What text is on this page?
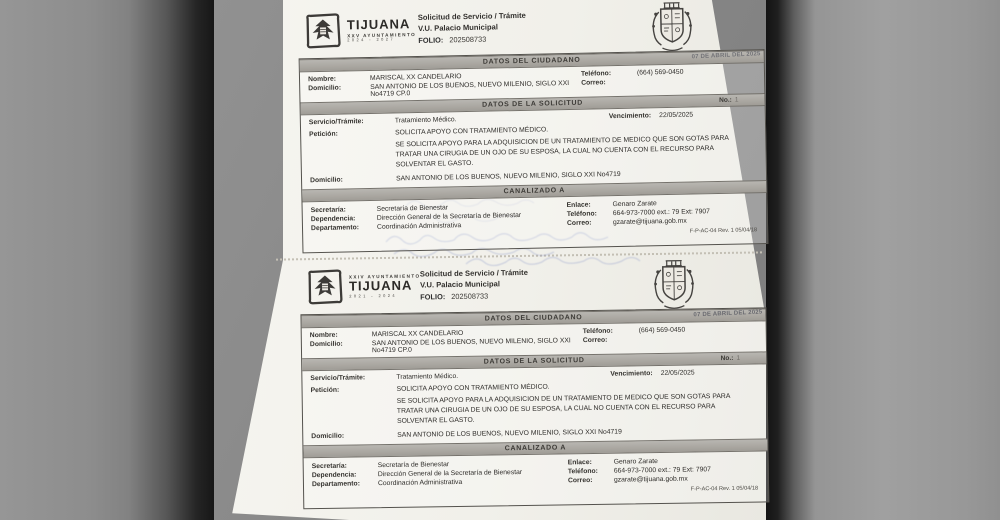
TIJUANA
XXV AYUNTAMIENTO
2024 - 2027
Solicitud de Servicio / Trámite
V.U. Palacio Municipal
FOLIO: 202508733
DATOS DEL CIUDADANO
07 DE ABRIL DEL 2025
Nombre:	MARISCAL XX CANDELARIO	Teléfono:	(664) 569-0450
Domicilio:	SAN ANTONIO DE LOS BUENOS, NUEVO MILENIO, SIGLO XXI No4719 CP.0
Correo:
DATOS DE LA SOLICITUD	No.: 1
Servicio/Trámite:	Tratamiento Médico.	Vencimiento: 22/05/2025
Petición:	SOLICITA APOYO CON TRATAMIENTO MÉDICO.
SE SOLICITA APOYO PARA LA ADQUISICION DE UN TRATAMIENTO DE MEDICO QUE SON GOTAS PARA TRATAR UNA CIRUGIA DE UN OJO DE SU ESPOSA, LA CUAL NO CUENTA CON EL RECURSO PARA SOLVENTAR EL GASTO.
Domicilio:	SAN ANTONIO DE LOS BUENOS, NUEVO MILENIO, SIGLO XXI No4719
CANALIZADO A
Secretaría:	Secretaría de Bienestar
Dependencia:	Dirección General de la Secretaría de Bienestar
Departamento:	Coordinación Administrativa
Enlace:	Genaro Zarate
Teléfono:	664-973-7000 ext.: 79 Ext: 7907
Correo:	gzarate@tijuana.gob.mx
F-P-AC-04 Rev. 1 05/04/18
XXIV AYUNTAMIENTO
TIJUANA
2021 - 2024
Solicitud de Servicio / Trámite
V.U. Palacio Municipal
FOLIO: 202508733
DATOS DEL CIUDADANO	07 DE ABRIL DEL 2025
Nombre:	MARISCAL XX CANDELARIO	Teléfono:	(664) 569-0450
Domicilio:	SAN ANTONIO DE LOS BUENOS, NUEVO MILENIO, SIGLO XXI No4719 CP.0
Correo:
DATOS DE LA SOLICITUD	No.: 1
Servicio/Trámite:	Tratamiento Médico.	Vencimiento: 22/05/2025
Petición:	SOLICITA APOYO CON TRATAMIENTO MÉDICO.
SE SOLICITA APOYO PARA LA ADQUISICION DE UN TRATAMIENTO DE MEDICO QUE SON GOTAS PARA TRATAR UNA CIRUGIA DE UN OJO DE SU ESPOSA, LA CUAL NO CUENTA CON EL RECURSO PARA SOLVENTAR EL GASTO.
Domicilio:	SAN ANTONIO DE LOS BUENOS, NUEVO MILENIO, SIGLO XXI No4719
CANALIZADO A
Secretaría:	Secretaría de Bienestar
Dependencia:	Dirección General de la Secretaría de Bienestar
Departamento:	Coordinación Administrativa
Enlace:	Genaro Zarate
Teléfono:	664-973-7000 ext.: 79 Ext: 7907
Correo:	gzarate@tijuana.gob.mx
F-P-AC-04 Rev. 1 05/04/18
